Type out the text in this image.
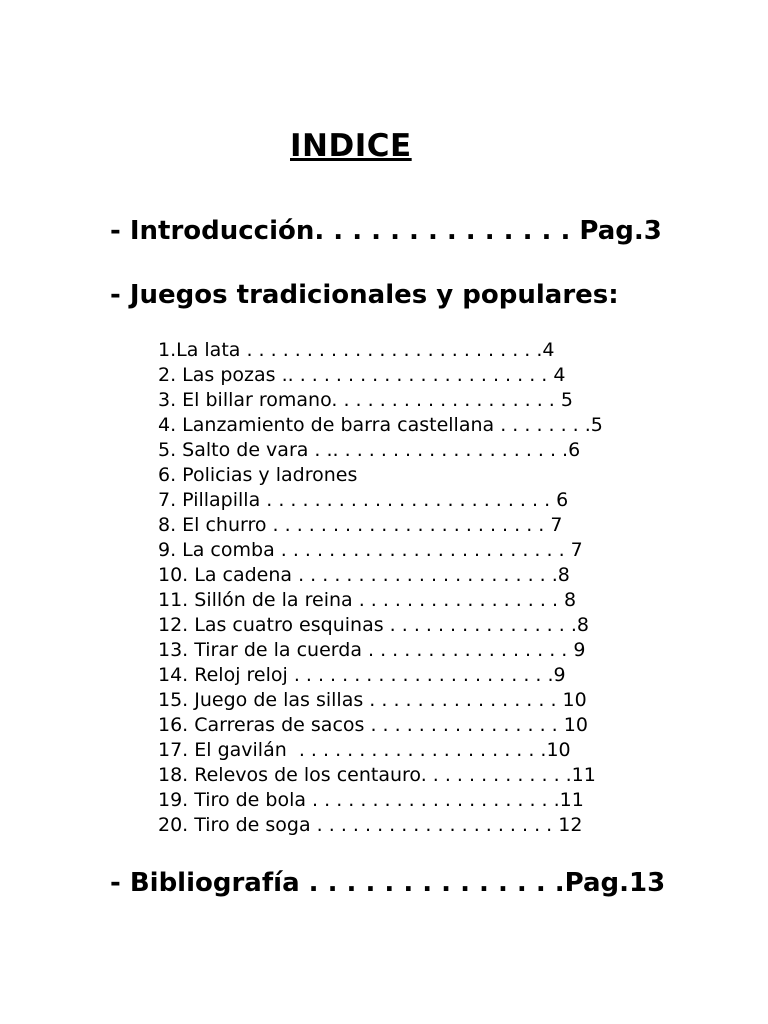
INDICE
- Introducción. . . . . . . . . . . . . . Pag.3
- Juegos tradicionales y populares:
1.La lata . . . . . . . . . . . . . . . . . . . . . . . . .4
2. Las pozas .. . . . . . . . . . . . . . . . . . . . . . 4
3. El billar romano. . . . . . . . . . . . . . . . . . . 5
4. Lanzamiento de barra castellana . . . . . . . .5
5. Salto de vara . .. . . . . . . . . . . . . . . . . . . .6
6. Policias y ladrones
7. Pillapilla . . . . . . . . . . . . . . . . . . . . . . . . 6
8. El churro . . . . . . . . . . . . . . . . . . . . . . . 7
9. La comba . . . . . . . . . . . . . . . . . . . . . . . . 7
10. La cadena . . . . . . . . . . . . . . . . . . . . . .8
11. Sillón de la reina . . . . . . . . . . . . . . . . . 8
12. Las cuatro esquinas . . . . . . . . . . . . . . . .8
13. Tirar de la cuerda . . . . . . . . . . . . . . . . . 9
14. Reloj reloj . . . . . . . . . . . . . . . . . . . . . .9
15. Juego de las sillas . . . . . . . . . . . . . . . . 10
16. Carreras de sacos . . . . . . . . . . . . . . . . 10
17. El gavilán  . . . . . . . . . . . . . . . . . . . . .10
18. Relevos de los centauro. . . . . . . . . . . . .11
19. Tiro de bola . . . . . . . . . . . . . . . . . . . . .11
20. Tiro de soga . . . . . . . . . . . . . . . . . . . . 12
- Bibliografía . . . . . . . . . . . . . .Pag.13
